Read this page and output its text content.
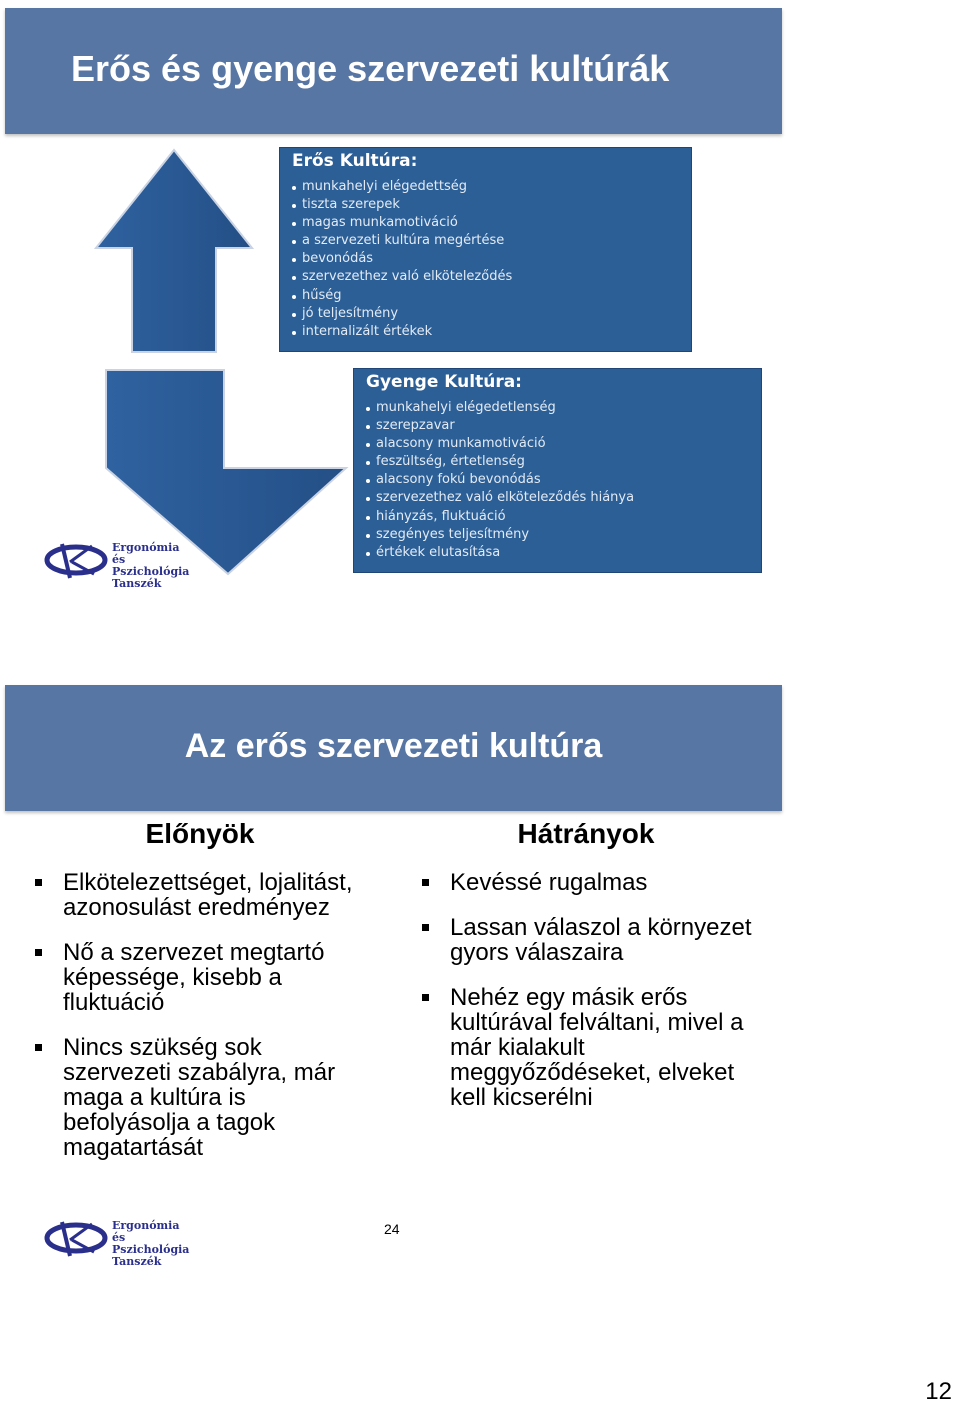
Erős és gyenge szervezeti kultúrák
Erős Kultúra:
munkahelyi elégedettség
tiszta szerepek
magas munkamotiváció
a szervezeti kultúra megértése
bevonódás
szervezethez való elköteleződés
hűség
jó teljesítmény
internalizált értékek
Gyenge Kultúra:
munkahelyi elégedetlenség
szerepzavar
alacsony munkamotiváció
feszültség, értetlenség
alacsony fokú bevonódás
szervezethez való elköteleződés hiánya
hiányzás, fluktuáció
szegényes teljesítmény
értékek elutasítása
Ergonómia és
Pszichológia
Tanszék
Az erős szervezeti kultúra
Előnyök
Elkötelezettséget, lojalitást, azonosulást eredményez
Nő a szervezet megtartó képessége, kisebb a fluktuáció
Nincs szükség sok szervezeti szabályra, már maga a kultúra is befolyásolja a tagok magatartását
Hátrányok
Kevéssé rugalmas
Lassan válaszol a környezet gyors válaszaira
Nehéz egy másik erős kultúrával felváltani, mivel a már kialakult meggyőződéseket, elveket kell kicserélni
Ergonómia és
Pszichológia
Tanszék
24
12
